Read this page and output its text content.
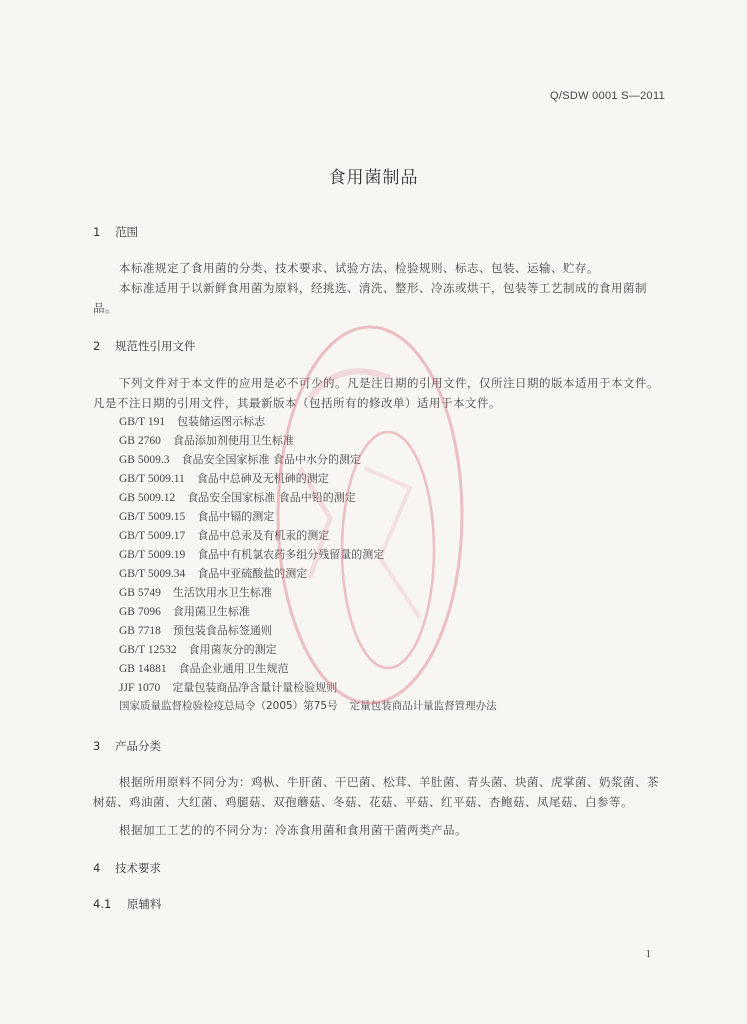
Q/SDW 0001 S—2011
食用菌制品
1 范围
本标准规定了食用菌的分类、技术要求、试验方法、检验规则、标志、包装、运输、贮存。
本标准适用于以新鲜食用菌为原料，经挑选、清洗、整形、冷冻或烘干，包装等工艺制成的食用菌制品。
2 规范性引用文件
下列文件对于本文件的应用是必不可少的。凡是注日期的引用文件，仅所注日期的版本适用于本文件。凡是不注日期的引用文件，其最新版本（包括所有的修改单）适用于本文件。
GB/T 191 包装储运图示标志
GB 2760 食品添加剂使用卫生标准
GB 5009.3 食品安全国家标准 食品中水分的测定
GB/T 5009.11 食品中总砷及无机砷的测定
GB 5009.12 食品安全国家标准 食品中铅的测定
GB/T 5009.15 食品中镉的测定
GB/T 5009.17 食品中总汞及有机汞的测定
GB/T 5009.19 食品中有机氯农药多组分残留量的测定
GB/T 5009.34 食品中亚硫酸盐的测定
GB 5749 生活饮用水卫生标准
GB 7096 食用菌卫生标准
GB 7718 预包装食品标签通则
GB/T 12532 食用菌灰分的测定
GB 14881 食品企业通用卫生规范
JJF 1070 定量包装商品净含量计量检验规则
国家质量监督检验检疫总局令（2005）第75号 定量包装商品计量监督管理办法
3 产品分类
根据所用原料不同分为：鸡枞、牛肝菌、干巴菌、松茸、羊肚菌、青头菌、块菌、虎掌菌、奶浆菌、茶树菇、鸡油菌、大红菌、鸡腿菇、双孢蘑菇、冬菇、花菇、平菇、红平菇、杏鲍菇、凤尾菇、白参等。
根据加工工艺的的不同分为：冷冻食用菌和食用菌干菌两类产品。
4 技术要求
4.1 原辅料
1
